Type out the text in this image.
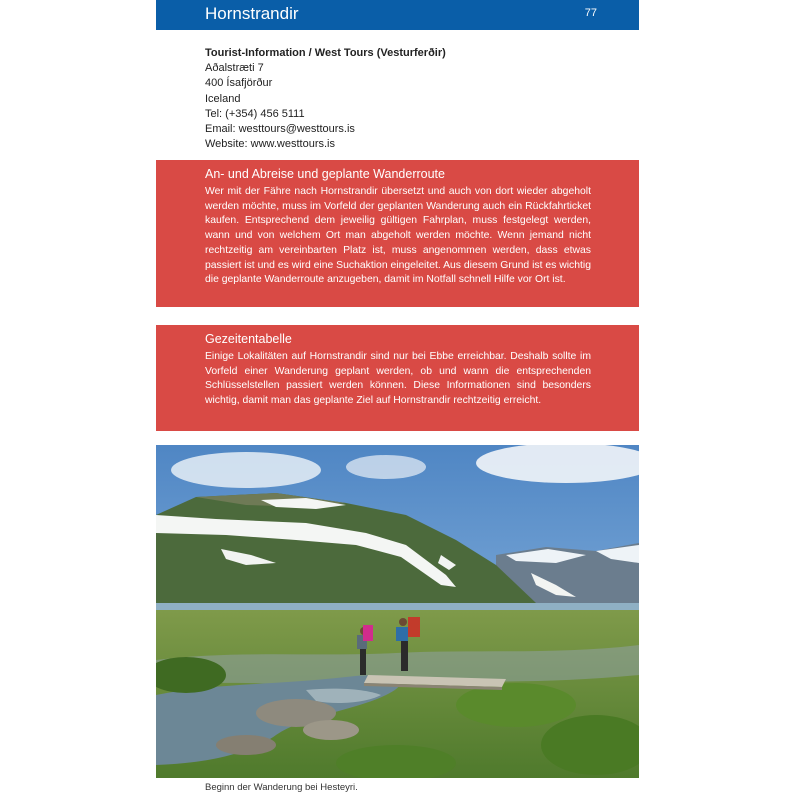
Hornstrandir	77
Tourist-Information / West Tours (Vesturferðir)
Aðalstræti 7
400 Ísafjörður
Iceland
Tel: (+354) 456 5111
Email: westtours@westtours.is
Website: www.westtours.is
An- und Abreise und geplante Wanderroute
Wer mit der Fähre nach Hornstrandir übersetzt und auch von dort wieder abgeholt werden möchte, muss im Vorfeld der geplanten Wanderung auch ein Rückfahrticket kaufen. Entsprechend dem jeweilig gültigen Fahrplan, muss festgelegt werden, wann und von welchem Ort man abgeholt werden möchte. Wenn jemand nicht rechtzeitig am vereinbarten Platz ist, muss angenommen werden, dass etwas passiert ist und es wird eine Suchaktion eingeleitet. Aus diesem Grund ist es wichtig die geplante Wanderroute anzugeben, damit im Notfall schnell Hilfe vor Ort ist.
Gezeitentabelle
Einige Lokalitäten auf Hornstrandir sind nur bei Ebbe erreichbar. Deshalb sollte im Vorfeld einer Wanderung geplant werden, ob und wann die entsprechenden Schlüsselstellen passiert werden können. Diese Informationen sind besonders wichtig, damit man das geplante Ziel auf Hornstrandir rechtzeitig erreicht.
Beginn der Wanderung bei Hesteyri.
